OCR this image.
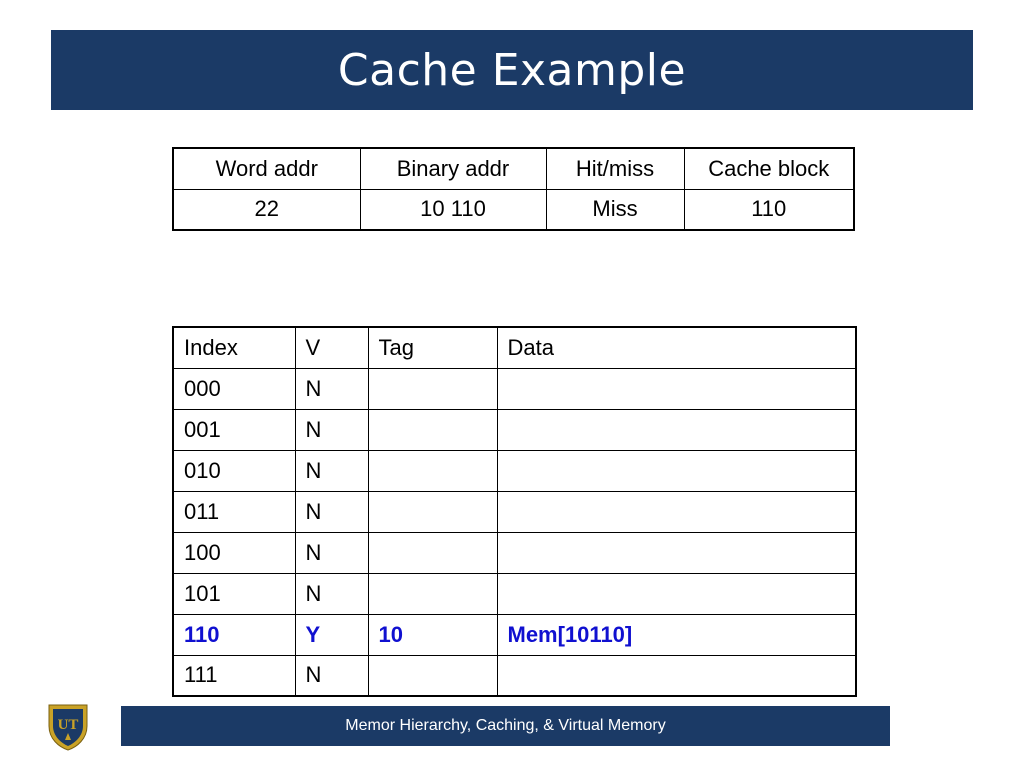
Cache Example
Word addr	Binary addr	Hit/miss	Cache block
22	10 110	Miss	110
Index	V	Tag	Data
000	N		
001	N		
010	N		
011	N		
100	N		
101	N		
110	Y	10	Mem[10110]
111	N		
UT	Memor Hierarchy, Caching, & Virtual Memory
